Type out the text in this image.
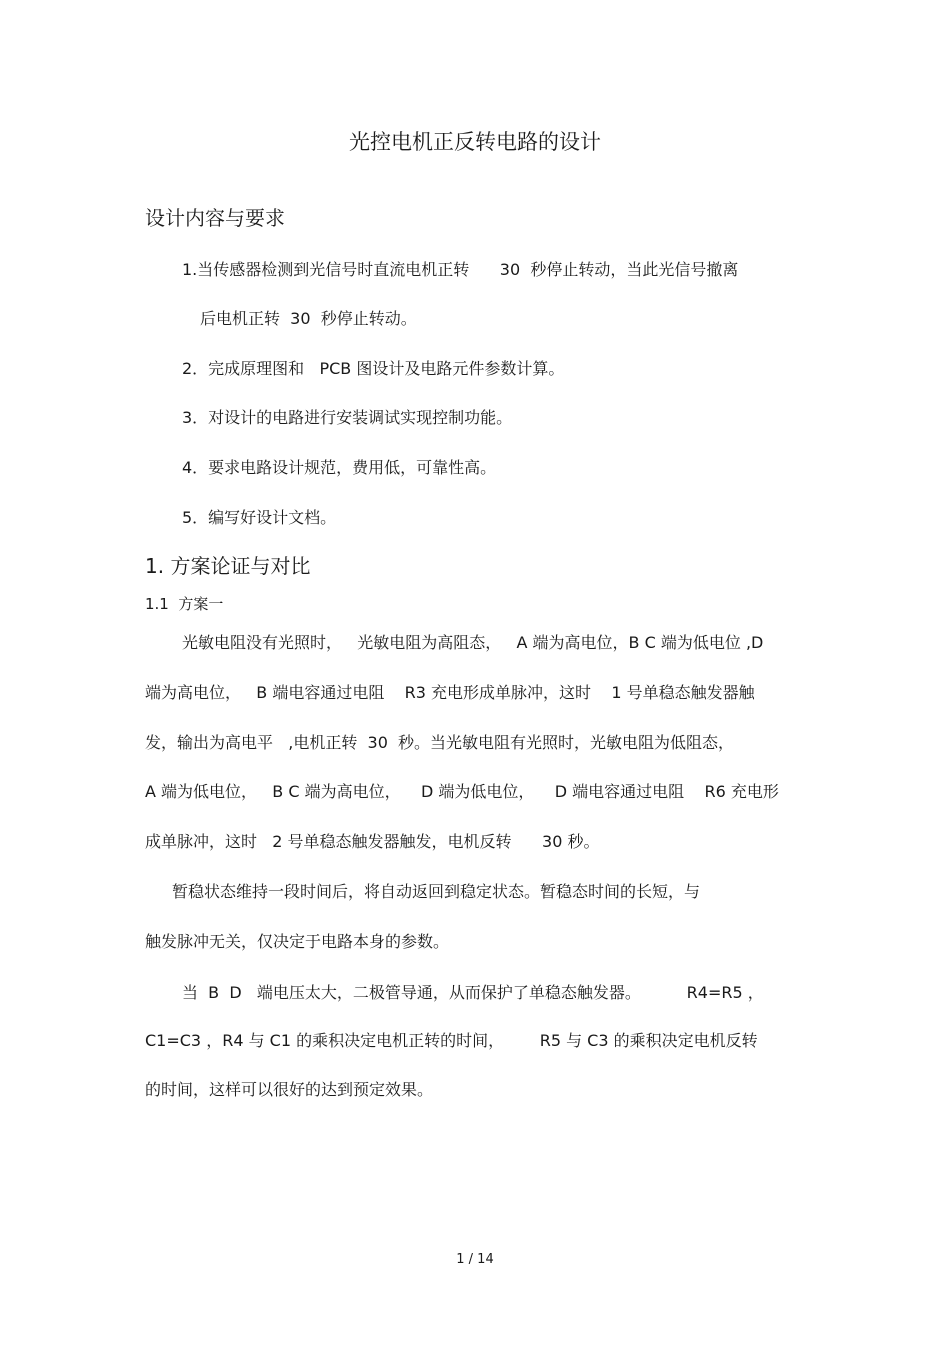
光控电机正反转电路的设计
设计内容与要求
1.当传感器检测到光信号时直流电机正转      30  秒停止转动，当此光信号撤离
后电机正转  30  秒停止转动。
2．完成原理图和   PCB 图设计及电路元件参数计算。
3．对设计的电路进行安装调试实现控制功能。
4．要求电路设计规范，费用低，可靠性高。
5．编写好设计文档。
1. 方案论证与对比
1.1  方案一
光敏电阻没有光照时，   光敏电阻为高阻态，   A 端为高电位，B C 端为低电位 ,D
端为高电位，   B 端电容通过电阻    R3 充电形成单脉冲，这时    1 号单稳态触发器触
发，输出为高电平   ,电机正转  30  秒。当光敏电阻有光照时，光敏电阻为低阻态，
A 端为低电位，   B C 端为高电位，    D 端为低电位，    D 端电容通过电阻    R6 充电形
成单脉冲，这时   2 号单稳态触发器触发，电机反转      30 秒。
暂稳状态维持一段时间后，将自动返回到稳定状态。暂稳态时间的长短，与
触发脉冲无关，仅决定于电路本身的参数。
当  B  D   端电压太大，二极管导通，从而保护了单稳态触发器。         R4=R5 ，
C1=C3 ，R4 与 C1 的乘积决定电机正转的时间，       R5 与 C3 的乘积决定电机反转
的时间，这样可以很好的达到预定效果。
1 / 14
